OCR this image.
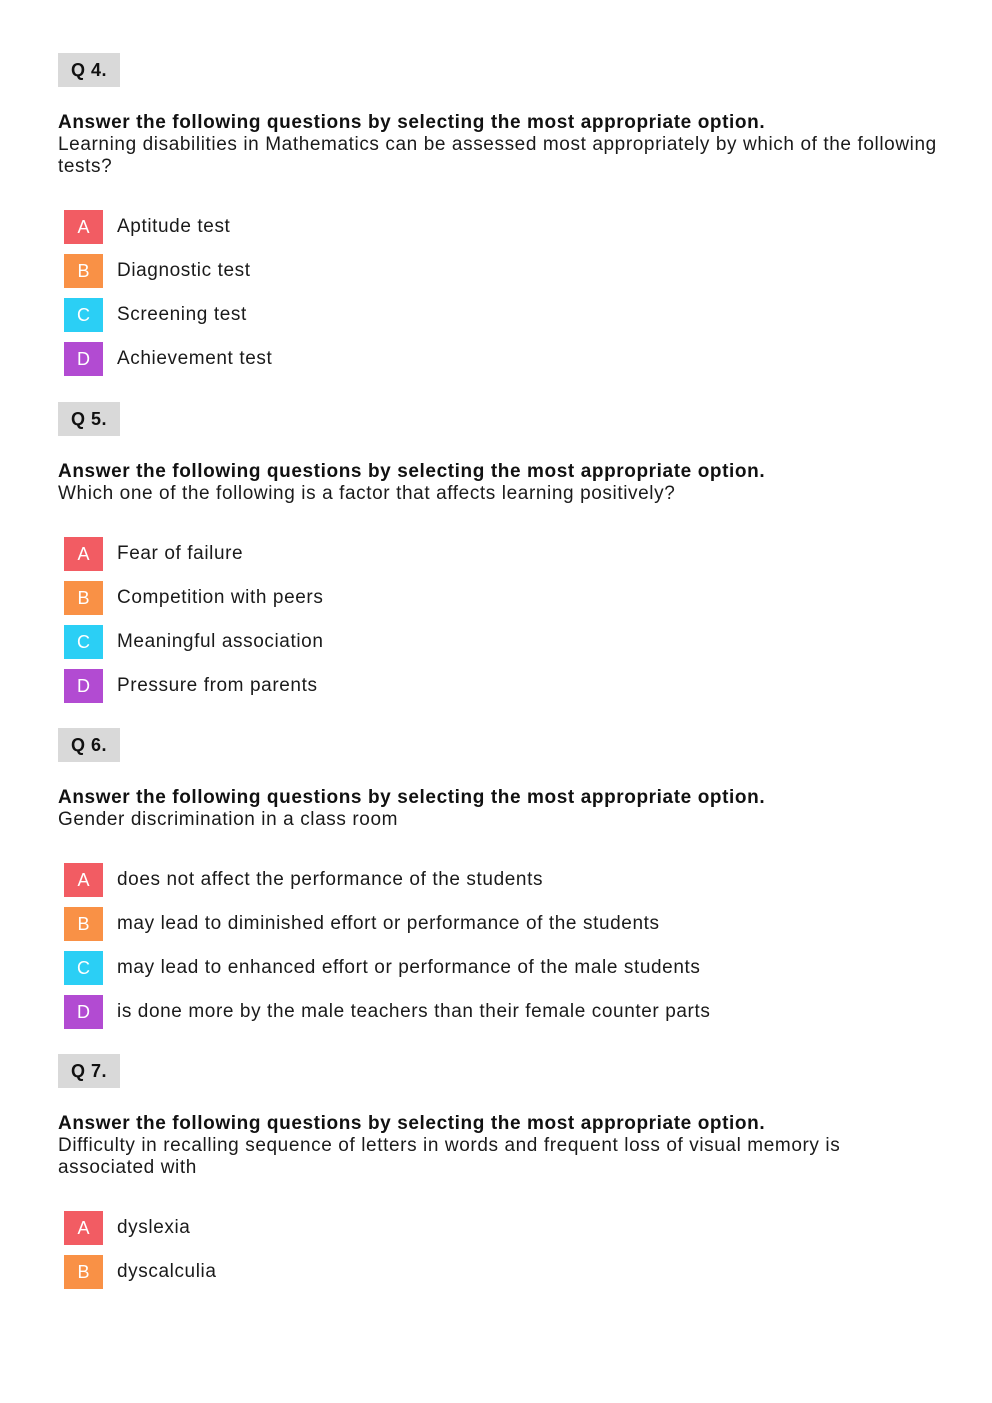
Q 4.
Answer the following questions by selecting the most appropriate option.
Learning disabilities in Mathematics can be assessed most appropriately by which of the following tests?
A	Aptitude test
B	Diagnostic test
C	Screening test
D	Achievement test
Q 5.
Answer the following questions by selecting the most appropriate option.
Which one of the following is a factor that affects learning positively?
A	Fear of failure
B	Competition with peers
C	Meaningful association
D	Pressure from parents
Q 6.
Answer the following questions by selecting the most appropriate option.
Gender discrimination in a class room
A	does not affect the performance of the students
B	may lead to diminished effort or performance of the students
C	may lead to enhanced effort or performance of the male students
D	is done more by the male teachers than their female counter parts
Q 7.
Answer the following questions by selecting the most appropriate option.
Difficulty in recalling sequence of letters in words and frequent loss of visual memory is associated with
A	dyslexia
B	dyscalculia
